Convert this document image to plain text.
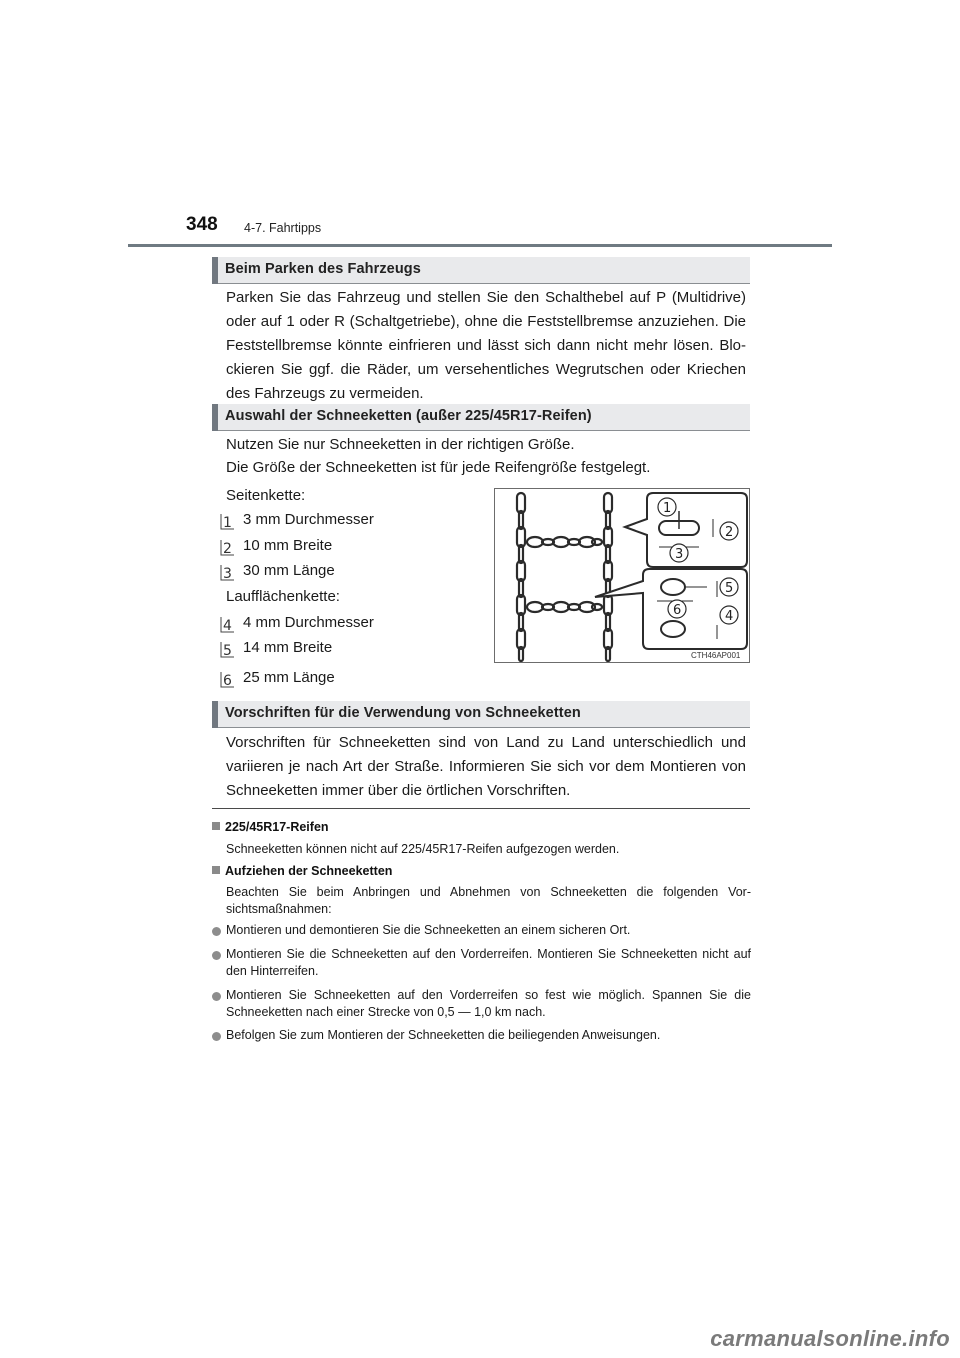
348 4-7. Fahrtipps
Beim Parken des Fahrzeugs
Parken Sie das Fahrzeug und stellen Sie den Schalthebel auf P (Multidrive) oder auf 1 oder R (Schaltgetriebe), ohne die Feststellbremse anzuziehen. Die Feststellbremse könnte einfrieren und lässt sich dann nicht mehr lösen. Blo-ckieren Sie ggf. die Räder, um versehentliches Wegrutschen oder Kriechen des Fahrzeugs zu vermeiden.
Auswahl der Schneeketten (außer 225/45R17-Reifen)
Nutzen Sie nur Schneeketten in der richtigen Größe.
Die Größe der Schneeketten ist für jede Reifengröße festgelegt.
Seitenkette:
1 3 mm Durchmesser
2 10 mm Breite
3 30 mm Länge
Laufflächenkette:
4 4 mm Durchmesser
5 14 mm Breite
6 25 mm Länge
1
2
3
5
6	4
CTH46AP001
Vorschriften für die Verwendung von Schneeketten
Vorschriften für Schneeketten sind von Land zu Land unterschiedlich und variieren je nach Art der Straße. Informieren Sie sich vor dem Montieren von Schneeketten immer über die örtlichen Vorschriften.
225/45R17-Reifen
Schneeketten können nicht auf 225/45R17-Reifen aufgezogen werden.
Aufziehen der Schneeketten
Beachten Sie beim Anbringen und Abnehmen von Schneeketten die folgenden Vor-sichtsmaßnahmen:
Montieren und demontieren Sie die Schneeketten an einem sicheren Ort.
Montieren Sie die Schneeketten auf den Vorderreifen. Montieren Sie Schneeketten nicht auf den Hinterreifen.
Montieren Sie Schneeketten auf den Vorderreifen so fest wie möglich. Spannen Sie die Schneeketten nach einer Strecke von 0,5 — 1,0 km nach.
Befolgen Sie zum Montieren der Schneeketten die beiliegenden Anweisungen.
carmanualsonline.info
